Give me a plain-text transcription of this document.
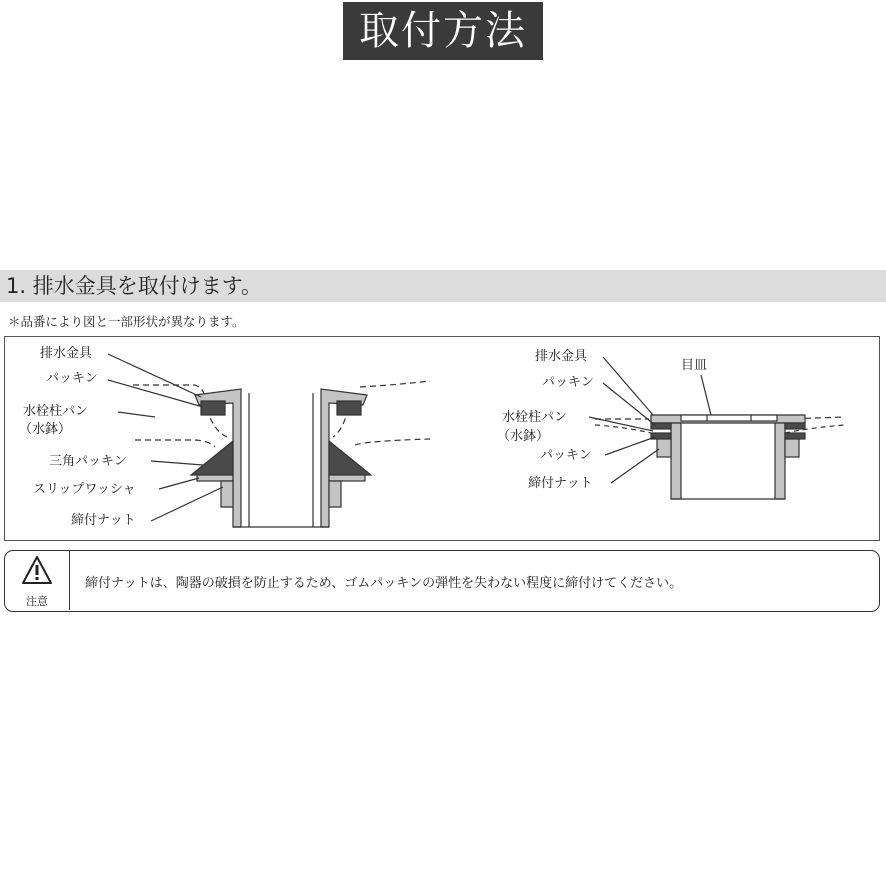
取付方法
1. 排水金具を取付けます。
＊品番により図と一部形状が異なります。
排水金具
パッキン
水栓柱パン
（水鉢）
三角パッキン
スリップワッシャ
締付ナット
排水金具
パッキン
水栓柱パン
（水鉢）
パッキン
締付ナット
目皿
注意
締付ナットは、陶器の破損を防止するため、ゴムパッキンの弾性を失わない程度に締付けてください。
